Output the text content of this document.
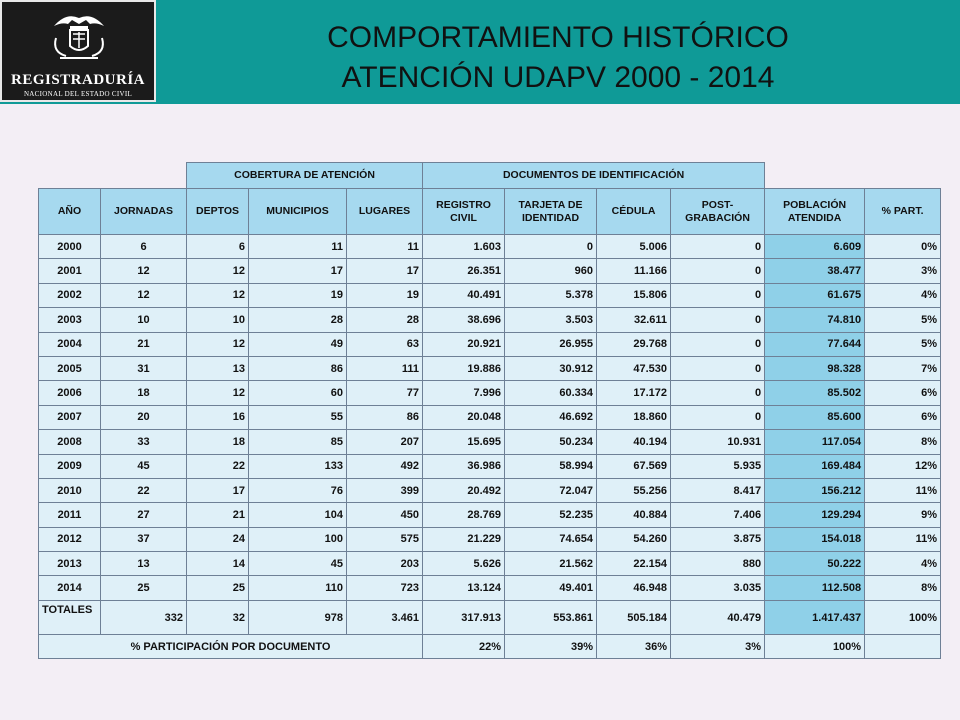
REGISTRADURÍA
NACIONAL DEL ESTADO CIVIL
COMPORTAMIENTO HISTÓRICO
ATENCIÓN UDAPV 2000 - 2014
		COBERTURA DE ATENCIÓN			DOCUMENTOS DE IDENTIFICACIÓN					
AÑO	JORNADAS	DEPTOS	MUNICIPIOS	LUGARES	REGISTRO CIVIL	TARJETA DE IDENTIDAD	CÉDULA	POST-GRABACIÓN	POBLACIÓN ATENDIDA	% PART.
2000	6	6	11	11	1.603	0	5.006	0	6.609	0%
2001	12	12	17	17	26.351	960	11.166	0	38.477	3%
2002	12	12	19	19	40.491	5.378	15.806	0	61.675	4%
2003	10	10	28	28	38.696	3.503	32.611	0	74.810	5%
2004	21	12	49	63	20.921	26.955	29.768	0	77.644	5%
2005	31	13	86	111	19.886	30.912	47.530	0	98.328	7%
2006	18	12	60	77	7.996	60.334	17.172	0	85.502	6%
2007	20	16	55	86	20.048	46.692	18.860	0	85.600	6%
2008	33	18	85	207	15.695	50.234	40.194	10.931	117.054	8%
2009	45	22	133	492	36.986	58.994	67.569	5.935	169.484	12%
2010	22	17	76	399	20.492	72.047	55.256	8.417	156.212	11%
2011	27	21	104	450	28.769	52.235	40.884	7.406	129.294	9%
2012	37	24	100	575	21.229	74.654	54.260	3.875	154.018	11%
2013	13	14	45	203	5.626	21.562	22.154	880	50.222	4%
2014	25	25	110	723	13.124	49.401	46.948	3.035	112.508	8%
TOTALES	332	32	978	3.461	317.913	553.861	505.184	40.479	1.417.437	100%
% PARTICIPACIÓN POR DOCUMENTO					22%	39%	36%	3%	100%	
